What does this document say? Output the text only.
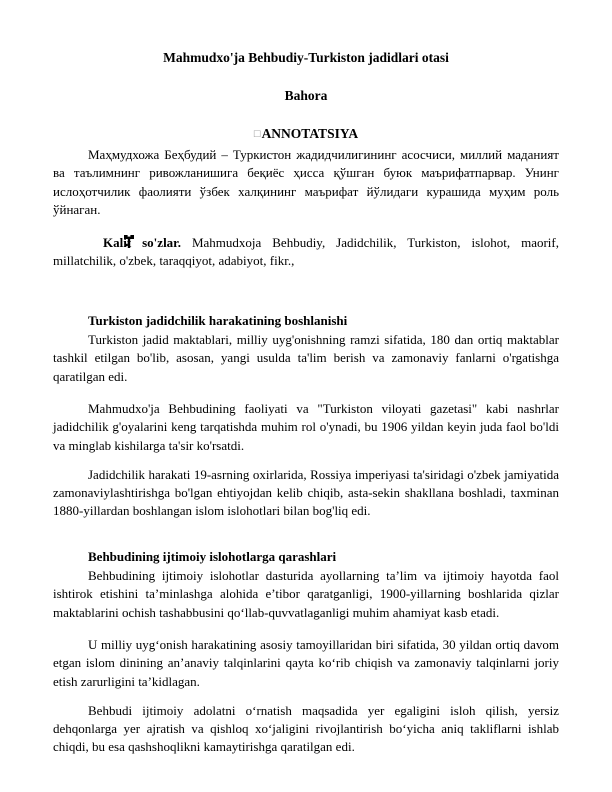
Mahmudxo'ja Behbudiy-Turkiston jadidlari otasi
Bahora
□ANNOTATSIYA

Маҳмудхожа Беҳбудий – Туркистон жадидчилигининг асосчиси, миллий маданият ва таълимнинг ривожланишига беқиёс ҳисса қўшган буюк маърифатпарвар. Унинг ислоҳотчилик фаолияти ўзбек халқининг маърифат йўлидаги курашида муҳим роль ўйнаган.

Kalit so'zlar. Mahmudxoja Behbudiy, Jadidchilik, Turkiston, islohot, maorif, millatchilik, o'zbek, taraqqiyot, adabiyot, fikr.,

Turkiston jadidchilik harakatining boshlanishi

Turkiston jadid maktablari, milliy uyg'onishning ramzi sifatida, 180 dan ortiq maktablar tashkil etilgan bo'lib, asosan, yangi usulda ta'lim berish va zamonaviy fanlarni o'rgatishga qaratilgan edi.

Mahmudxo'ja Behbudining faoliyati va "Turkiston viloyati gazetasi" kabi nashrlar jadidchilik g'oyalarini keng tarqatishda muhim rol o'ynadi, bu 1906 yildan keyin juda faol bo'ldi va minglab kishilarga ta'sir ko'rsatdi.

Jadidchilik harakati 19-asrning oxirlarida, Rossiya imperiyasi ta'siridagi o'zbek jamiyatida zamonaviylashtirishga bo'lgan ehtiyojdan kelib chiqib, asta-sekin shakllana boshladi, taxminan 1880-yillardan boshlangan islom islohotlari bilan bog'liq edi.

Behbudining ijtimoiy islohotlarga qarashlari

Behbudining ijtimoiy islohotlar dasturida ayollarning ta’lim va ijtimoiy hayotda faol ishtirok etishini ta’minlashga alohida e’tibor qaratganligi, 1900-yillarning boshlarida qizlar maktablarini ochish tashabbusini qoʻllab-quvvatlaganligi muhim ahamiyat kasb etadi.

U milliy uygʻonish harakatining asosiy tamoyillaridan biri sifatida, 30 yildan ortiq davom etgan islom dinining an’anaviy talqinlarini qayta koʻrib chiqish va zamonaviy talqinlarni joriy etish zarurligini ta’kidlagan.

Behbudi ijtimoiy adolatni oʻrnatish maqsadida yer egaligini isloh qilish, yersiz dehqonlarga yer ajratish va qishloq xoʻjaligini rivojlantirish boʻyicha aniq takliflarni ishlab chiqdi, bu esa qashshoqlikni kamaytirishga qaratilgan edi.
